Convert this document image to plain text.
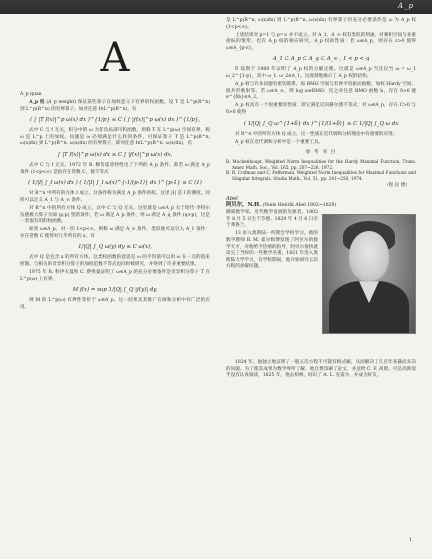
A_p
A

A_p quan

A_p 权 (A_p weight) 保证某些算子在加权意义下有界的权函数。设 T 是 L^p(R^n) 到 L^p(R^n) 的有界算子，如对任意 f∈L^p(R^n)，有

( ∫ |T f(x)|^p ω(x) dx )^{1/p} ≤ C ( ∫ |f(x)|^p ω(x) dx )^{1/p},

式中 C 与 f 无关，积分中的 ω 为非负局部可积函数，则称 T 在 L^p(ω) 空间有界，称 ω 是 L^p 上的加权。问题是 ω 必须满足什么样的条件，可保证算子 T 是 L^p(R^n, ω(x)dx) 到 L^p(R^n, ω(x)dx) 的有界算子，即对任意 f∈L^p(R^n, ω(x)dx)，有

∫ |T f(x)|^p ω(x) dx ≤ C ∫ |f(x)|^p ω(x) dx,

式中 C 与 f 无关。1972 年 B. 穆肯霍普特给出了下列的 A_p 条件。即若 ω 满足 A_p 条件 (1<p<∞) 是指存在常数 C，使不等式

( 1/|I| ∫_I ω(x) dx ) ( 1/|I| ∫_I ω(x)^{-1/(p-1)} dx )^{p-1} ≤ C (1)

对 R^n 中所有的方体 I 成立，这条件称为满足 A_p 条件的权。这里 |I| 是 I 的测度。同样可以定义 A_1 与 A_∞ 条件。

对 R^n 中的所有方体 Q 成立，式中 C 与 Q 无关。这里就是 ω∈A_p 关于哈代-李特尔伍德极大算子为弱 (p,p) 型的条件。若 ω 满足 A_p 条件，则 ω 满足 A_q 条件 (q>p)，这是一类很有用的权函数。

如果 ω∈A_p，对一切 1<p<∞，则称 ω 满足 A_∞ 条件。类似地可以引入 A_1 条件：存在常数 C 使得对几乎所有的 x，有

1/|Q| ∫_Q ω(y) dy ≤ C ω(x),

式中 Q 是包含 x 的所有方体。这类权函数的意思是 ω 的平均值可以用 ω 在一点的值来控制。与相关的奇异积分算子的加权范数不等式也同时被研究，并得到了许多重要结果。

1975 年 R. 科伊夫曼和 C. 费弗曼证明了 ω∈A_p 的充分必要条件是奇异积分算子 T 在 L^p(ω) 上有界。

M f(x) = sup 1/|Q| ∫_Q |f(y)| dy,

则 M 的 L^p(ω) 有界性等价于 ω∈A_p。这一结果及其推广在调和分析中有广泛的应用。

是 L^p(R^n, ω(x)dx) 到 L^p(R^n, ω(x)dx) 有界算子的充分必要条件是 ω 为 A_p 权 (1<p<∞)。

上述结果对 p=1 与 p=∞ 并不成立。对 A_1、A_∞ 权有类似的刻画。对乘积空间与多重指标的情形，也有 A_p 权的相应研究。A_p 权的性质：若 ω∈A_p，则存在 ε>0 使得 ω∈A_{p-ε}。

A_1 ⊂ A_p ⊂ A_q ⊂ A_∞ , 1 < p < q

P. 琼斯于 1980 年证明了 A_p 权的分解定理。这就是 ω∈A_p 当且仅当 ω = ω_1 ω_2^{1-p}，其中 ω_1, ω_2∈A_1。这深刻地揭示了 A_p 权的结构。

A_p 权与许多问题有密切联系，如 BMO 空间与有界平均振动函数、加权 Hardy 空间、拟共形映射等。若 ω∈A_∞，则 log ω∈BMO；反之对任意 BMO 函数 b，存在 δ>0 使 e^{δb}∈A_2。

A_p 权具有一个很重要的性质：即它满足反向赫尔德不等式：对 ω∈A_p，存在 C>0 与 δ>0 使得

( 1/|Q| ∫_Q ω^{1+δ} dx )^{1/(1+δ)} ≤ C 1/|Q| ∫_Q ω dx

对 R^n 中的所有方体 Q 成立。这一性质在近代调和分析理论中有重要的应用。

A_p 权在近代调和分析中是一个重要工具。

参 考 书 目

B. Muckenhoupt, Weighted Norm Inequalities for the Hardy Maximal Function, Trans. Amer. Math. Soc., Vol. 165, pp. 207~226, 1972.

R. R. Coifman and C. Fefferman, Weighted Norm Inequalities for Maximal Functions and Singular Integrals, Studia Math., Vol. 51, pp. 241~250, 1974.

（程 民 德）
Abel
阿贝尔，N.H. (Niels Henrik Abel 1802~1829)

挪威数学家。近代数学发展的先驱者。1802 年 8 月 5 日生于芬德。1829 年 4 月 6 日卒于弗鲁兰。

13 岁入奥斯陆一所教会学校学习。他的数学教师 B. M. 霍尔姆博发现了阿贝尔的数学天才，对他给予热情的指导，阿贝尔很快就读完了当时的一些数学名著，1821 年进入奥斯陆大学学习，在学校期间，他开始研究五次方程的求解问题。

1824 年，他独立地证明了一般五次方程不可能有根式解，从而解决了几百年来悬而未决的问题。为了使其成果为数学界所了解，他自费印刷了论文，并送给 C. F. 高斯，可是高斯似乎没有认真阅读，1825 年，他去柏林，结识了 A. L. 克雷尔，并成为好友。

1
